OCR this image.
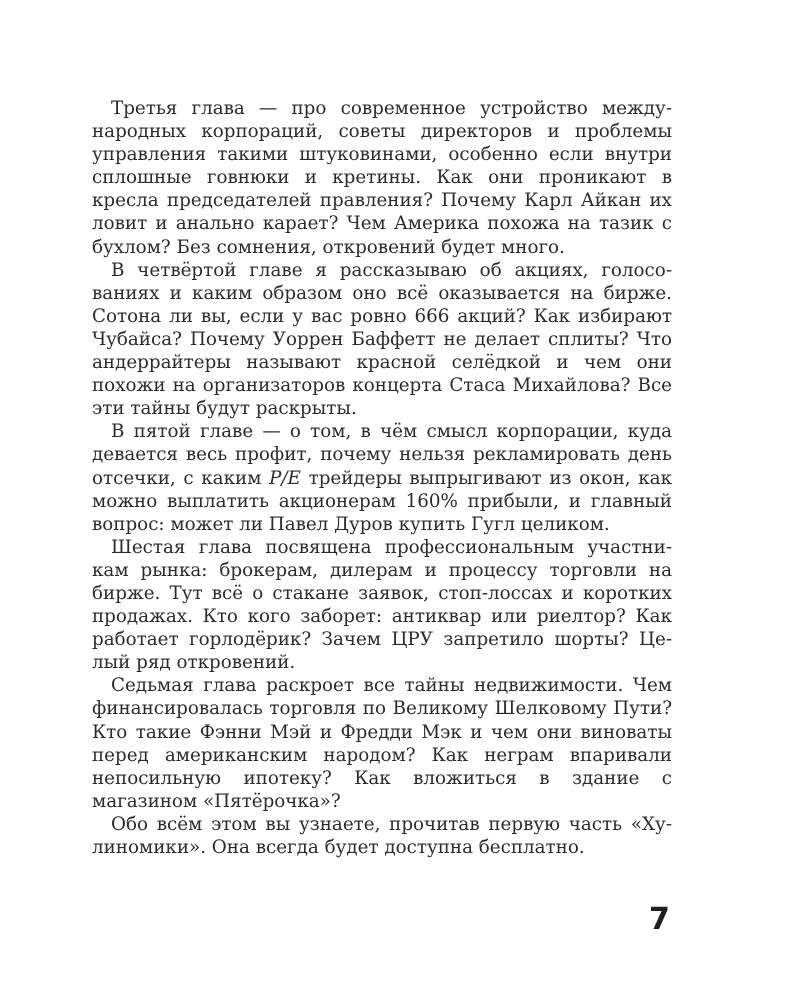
Третья глава — про современное устройство международных корпораций, советы директоров и проблемы управления такими штуковинами, особенно если внутри сплошные говнюки и кретины. Как они проникают в кресла председателей правления? Почему Карл Айкан их ловит и анально карает? Чем Америка похожа на тазик с бухлом? Без сомнения, откровений будет много.

В четвёртой главе я рассказываю об акциях, голосованиях и каким образом оно всё оказывается на бирже. Сотона ли вы, если у вас ровно 666 акций? Как избирают Чубайса? Почему Уоррен Баффетт не делает сплиты? Что андеррайтеры называют красной селёдкой и чем они похожи на организаторов концерта Стаса Михайлова? Все эти тайны будут раскрыты.

В пятой главе — о том, в чём смысл корпорации, куда девается весь профит, почему нельзя рекламировать день отсечки, с каким P/E трейдеры выпрыгивают из окон, как можно выплатить акционерам 160% прибыли, и главный вопрос: может ли Павел Дуров купить Гугл целиком.

Шестая глава посвящена профессиональным участникам рынка: брокерам, дилерам и процессу торговли на бирже. Тут всё о стакане заявок, стоп-лоссах и коротких продажах. Кто кого заборет: антиквар или риелтор? Как работает горлодёрик? Зачем ЦРУ запретило шорты? Целый ряд откровений.

Седьмая глава раскроет все тайны недвижимости. Чем финансировалась торговля по Великому Шелковому Пути? Кто такие Фэнни Мэй и Фредди Мэк и чем они виноваты перед американским народом? Как неграм впаривали непосильную ипотеку? Как вложиться в здание с магазином «Пятёрочка»?

Обо всём этом вы узнаете, прочитав первую часть «Хулиномики». Она всегда будет доступна бесплатно.

7
